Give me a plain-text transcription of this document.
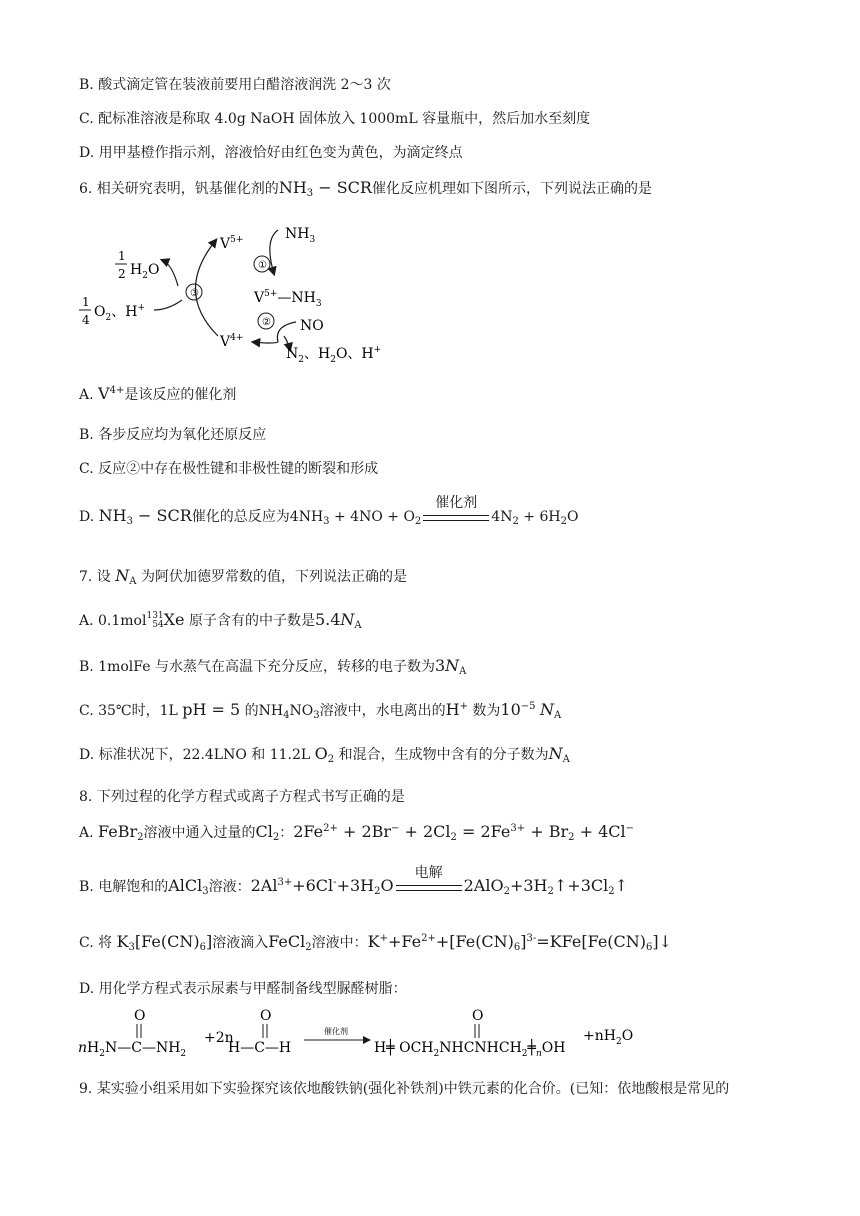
B. 酸式滴定管在装液前要用白醋溶液润洗 2～3 次
C. 配标准溶液是称取 4.0g NaOH 固体放入 1000mL 容量瓶中，然后加水至刻度
D. 用甲基橙作指示剂，溶液恰好由红色变为黄色，为滴定终点
6. 相关研究表明，钒基催化剂的$NH_3$ − SCR催化反应机理如下图所示，下列说法正确的是
$V^{5+}$	$NH_3$
①
$V^{5+}—NH_3$
② NO
$V^{4+}$
$N_2$、$H_2O$、H+
③
1
2 $H_2O$
1
4 $O_2$、H+
A. $V^{4+}$是该反应的催化剂
B. 各步反应均为氧化还原反应
C. 反应②中存在极性键和非极性键的断裂和形成
D. $NH_3$ − SCR催化的总反应为$4NH_3 + 4NO + O_2$
催化剂
$4N_2 + 6H_2O$
7. 设 $N_A$ 为阿伏加德罗常数的值，下列说法正确的是
A. 0.1mol 131
54 Xe 原子含有的中子数是$5.4N_A$
B. 1molFe 与水蒸气在高温下充分反应，转移的电子数为$3N_A$
C. 35℃时，1L pH = 5 的$NH_4NO_3$溶液中，水电离出的H+ 数为$10^{-5}$ $N_A$
D. 标准状况下，22.4LNO 和 11.2L $O_2$ 和混合，生成物中含有的分子数为$N_A$
8. 下列过程的化学方程式或离子方程式书写正确的是
A. FeBr$_2$溶液中通入过量的$Cl_2$：$2Fe^{2+} + 2Br^- + 2Cl_2 = 2Fe^{3+} + Br_2 + 4Cl^-$
B. 电解饱和的AlCl$_3$溶液：$2Al^{3+}+6Cl^-+3H_2O$
电解
$2AlO_2+3H_2↑+3Cl_2↑$
C. 将 $K_3[Fe(CN)_6]$溶液滴入FeCl$_2$溶液中：$K^++Fe^{2+}+[Fe(CN)_6]^{3-}=KFe[Fe(CN)_6]↓$
D. 用化学方程式表示尿素与甲醛制备线型脲醛树脂：
$nH_2N—C—NH_2$
O
+2n
H—C—H
O
催化剂
H╪ $OCH_2NHCNHCH_2╪_nOH$
O
$+nH_2O$
9. 某实验小组采用如下实验探究该依地酸铁钠(强化补铁剂)中铁元素的化合价。(已知：依地酸根是常见的
